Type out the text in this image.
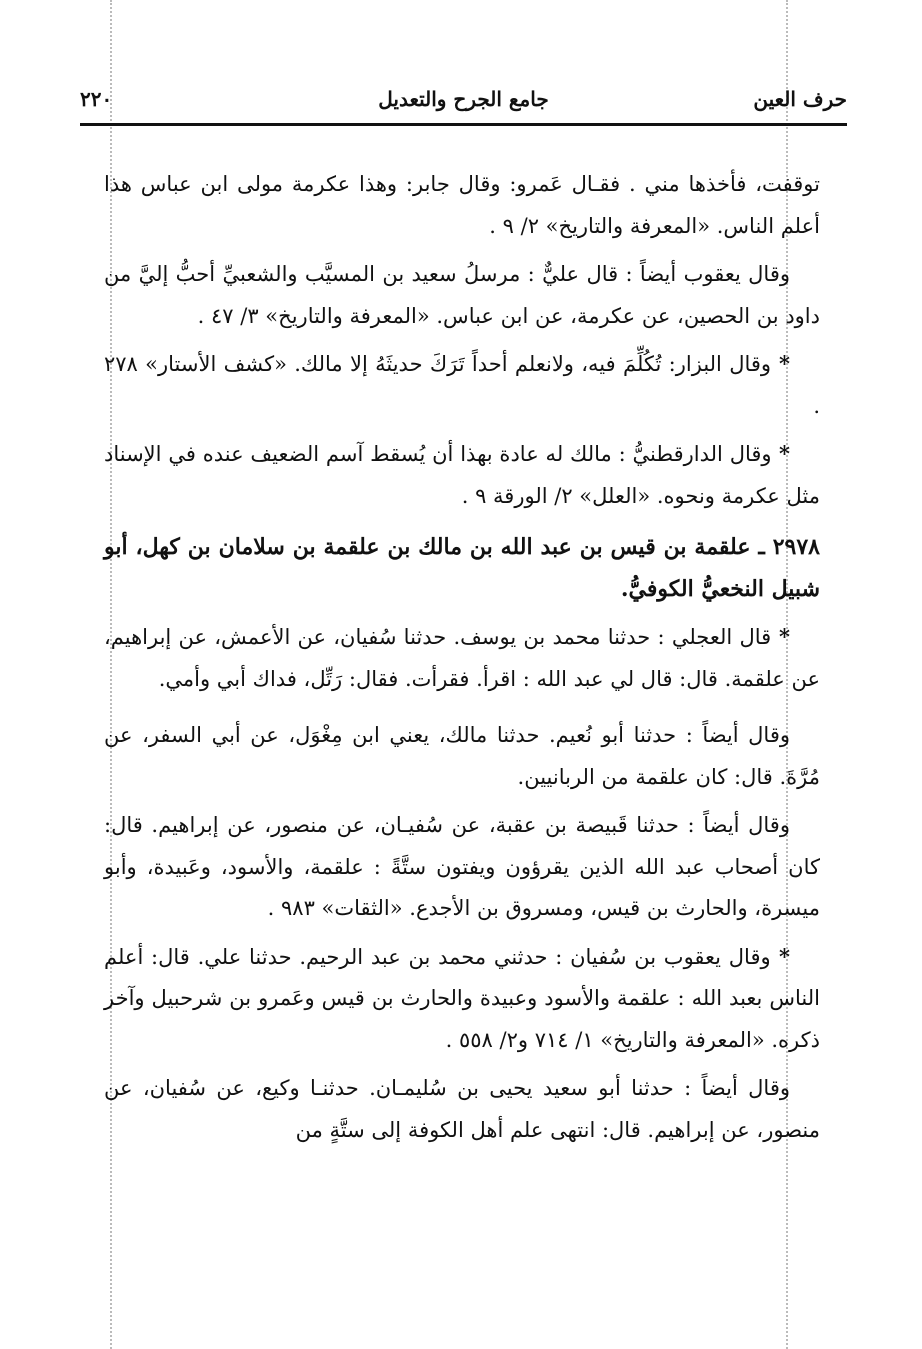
٢٢٠	جامع الجرح والتعديل	حرف العين

توقفت، فأخذها مني . فقـال عَمرو: وقال جابر: وهذا عكرمة مولى ابن عباس هذا أعلم الناس. «المعرفة والتاريخ» ٢/ ٩ .

وقال يعقوب أيضاً : قال عليٌّ : مرسلُ سعيد بن المسيَّب والشعبيِّ أحبُّ إليَّ من داود بن الحصين، عن عكرمة، عن ابن عباس. «المعرفة والتاريخ» ٣/ ٤٧ .

* وقال البزار: تُكُلِّمَ فيه، ولانعلم أحداً تَرَكَ حديثَهُ إلا مالك. «كشف الأستار» ٢٧٨ .

* وقال الدارقطنيُّ : مالك له عادة بهذا أن يُسقط آسم الضعيف عنده في الإسناد مثل عكرمة ونحوه. «العلل» ٢/ الورقة ٩ .

٢٩٧٨ ـ علقمة بن قيس بن عبد الله بن مالك بن علقمة بن سلامان بن كهل، أبو شبيل النخعيُّ الكوفيُّ.

* قال العجلي : حدثنا محمد بن يوسف. حدثنا سُفيان، عن الأعمش، عن إبراهيم، عن علقمة. قال: قال لي عبد الله : اقرأ. فقرأت. فقال: رَتِّل، فداك أبي وأمي.

وقال أيضاً : حدثنا أبو نُعيم. حدثنا مالك، يعني ابن مِغْوَل، عن أبي السفر، عن مُرَّةَ. قال: كان علقمة من الربانيين.

وقال أيضاً : حدثنا قَبيصة بن عقبة، عن سُفيـان، عن منصور، عن إبراهيم. قال: كان أصحاب عبد الله الذين يقرؤون ويفتون ستَّةً : علقمة، والأسود، وعَبيدة، وأبو ميسرة، والحارث بن قيس، ومسروق بن الأجدع. «الثقات» ٩٨٣ .

* وقال يعقوب بن سُفيان : حدثني محمد بن عبد الرحيم. حدثنا علي. قال: أعلم الناس بعبد الله : علقمة والأسود وعبيدة والحارث بن قيس وعَمرو بن شرحبيل وآخر ذكره. «المعرفة والتاريخ» ١/ ٧١٤ و٢/ ٥٥٨ .

وقال أيضاً : حدثنا أبو سعيد يحيى بن سُليمـان. حدثنـا وكيع، عن سُفيان، عن منصور، عن إبراهيم. قال: انتهى علم أهل الكوفة إلى ستَّةٍ من
